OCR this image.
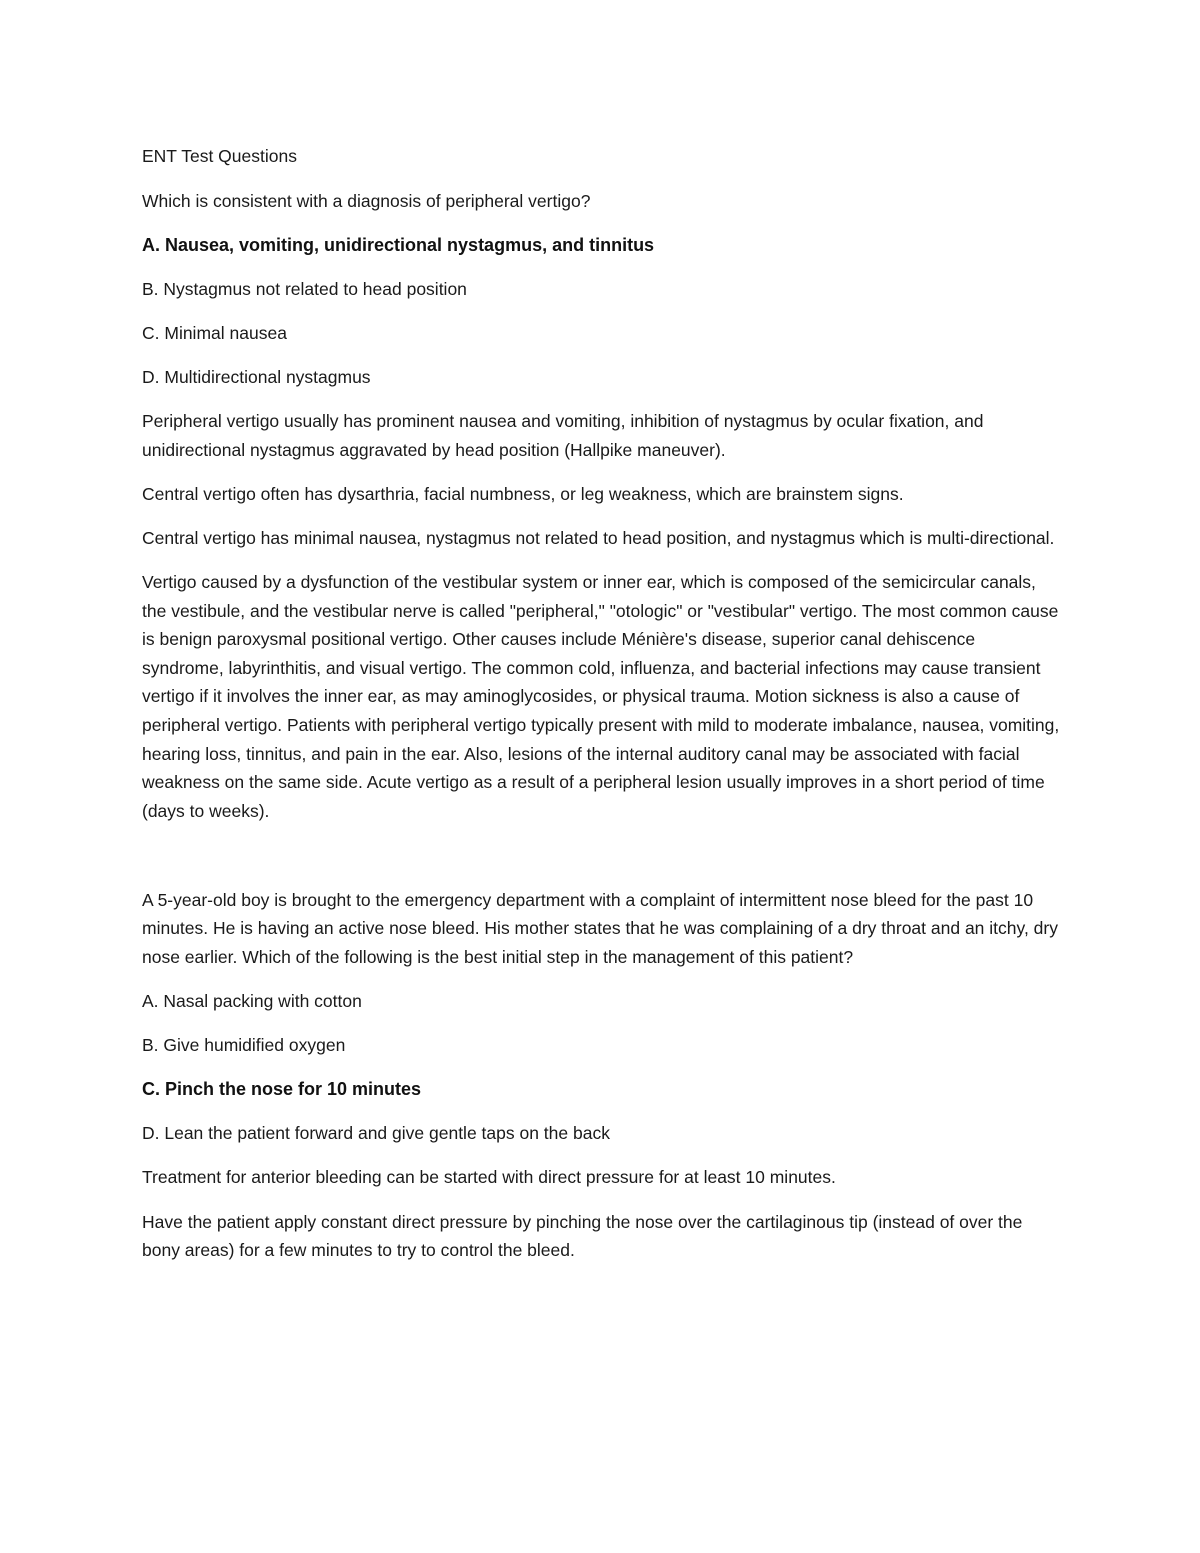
ENT Test Questions

Which is consistent with a diagnosis of peripheral vertigo?

A. Nausea, vomiting, unidirectional nystagmus, and tinnitus

B. Nystagmus not related to head position

C. Minimal nausea

D. Multidirectional nystagmus

Peripheral vertigo usually has prominent nausea and vomiting, inhibition of nystagmus by ocular fixation, and unidirectional nystagmus aggravated by head position (Hallpike maneuver).

Central vertigo often has dysarthria, facial numbness, or leg weakness, which are brainstem signs.

Central vertigo has minimal nausea, nystagmus not related to head position, and nystagmus which is multi-directional.

Vertigo caused by a dysfunction of the vestibular system or inner ear, which is composed of the semicircular canals, the vestibule, and the vestibular nerve is called "peripheral," "otologic" or "vestibular" vertigo. The most common cause is benign paroxysmal positional vertigo. Other causes include Ménière's disease, superior canal dehiscence syndrome, labyrinthitis, and visual vertigo. The common cold, influenza, and bacterial infections may cause transient vertigo if it involves the inner ear, as may aminoglycosides, or physical trauma. Motion sickness is also a cause of peripheral vertigo. Patients with peripheral vertigo typically present with mild to moderate imbalance, nausea, vomiting, hearing loss, tinnitus, and pain in the ear. Also, lesions of the internal auditory canal may be associated with facial weakness on the same side. Acute vertigo as a result of a peripheral lesion usually improves in a short period of time (days to weeks).

A 5-year-old boy is brought to the emergency department with a complaint of intermittent nose bleed for the past 10 minutes. He is having an active nose bleed. His mother states that he was complaining of a dry throat and an itchy, dry nose earlier. Which of the following is the best initial step in the management of this patient?

A. Nasal packing with cotton

B. Give humidified oxygen

C. Pinch the nose for 10 minutes

D. Lean the patient forward and give gentle taps on the back

Treatment for anterior bleeding can be started with direct pressure for at least 10 minutes.

Have the patient apply constant direct pressure by pinching the nose over the cartilaginous tip (instead of over the bony areas) for a few minutes to try to control the bleed.
